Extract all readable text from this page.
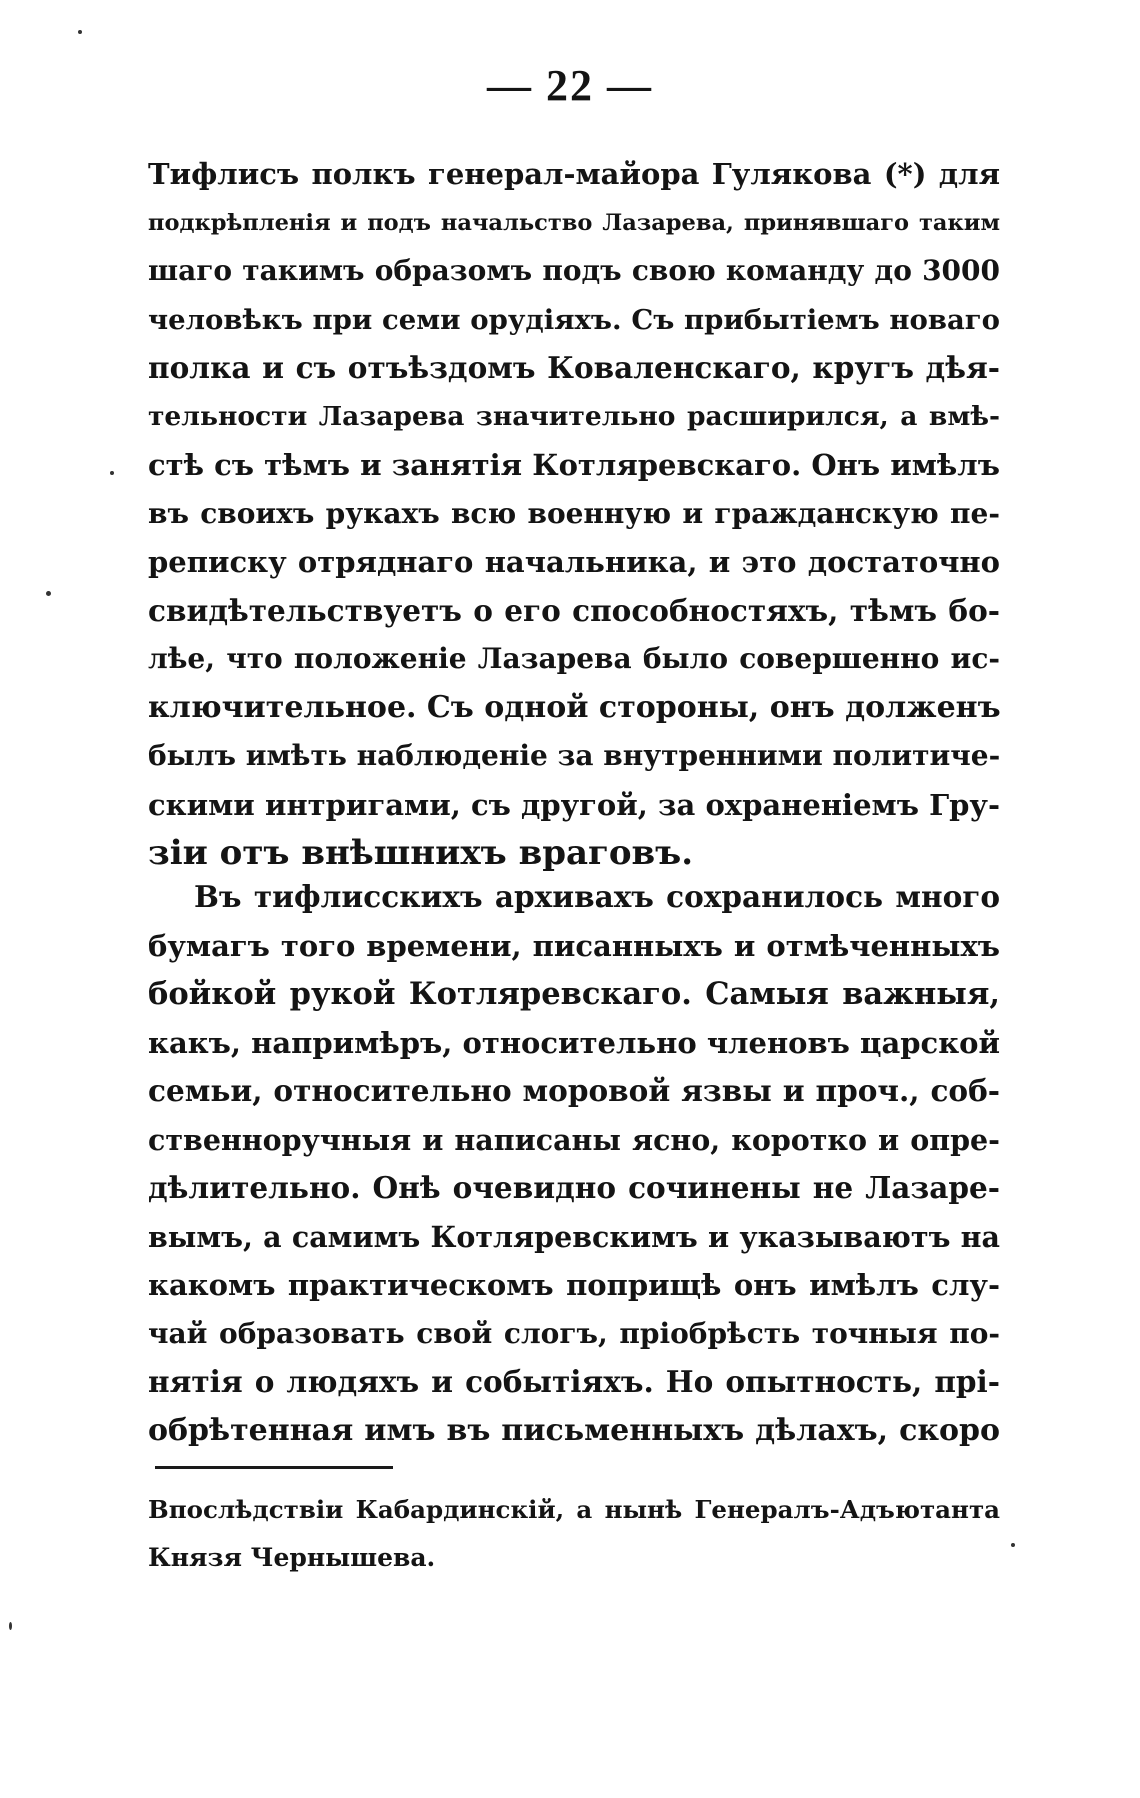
— 22 —
Тифлисъ полкъ генерал-майора Гулякова (*) для
подкрѣпленія и подъ начальство Лазарева, принявшаго таким
шаго такимъ образомъ подъ свою команду до 3000
человѣкъ при семи орудіяхъ. Съ прибытіемъ новаго
полка и съ отъѣздомъ Коваленскаго, кругъ дѣя-
тельности Лазарева значительно расширился, а вмѣ-
стѣ съ тѣмъ и занятія Котляревскаго. Онъ имѣлъ
въ своихъ рукахъ всю военную и гражданскую пе-
реписку отряднаго начальника, и это достаточно
свидѣтельствуетъ о его способностяхъ, тѣмъ бо-
лѣе, что положеніе Лазарева было совершенно ис-
ключительное. Съ одной стороны, онъ долженъ
былъ имѣть наблюденіе за внутренними политиче-
скими интригами, съ другой, за охраненіемъ Гру-
зіи отъ внѣшнихъ враговъ.
Въ тифлисскихъ архивахъ сохранилось много
бумагъ того времени, писанныхъ и отмѣченныхъ
бойкой рукой Котляревскаго. Самыя важныя,
какъ, напримѣръ, относительно членовъ царской
семьи, относительно моровой язвы и проч., соб-
ственноручныя и написаны ясно, коротко и опре-
дѣлительно. Онѣ очевидно сочинены не Лазаре-
вымъ, а самимъ Котляревскимъ и указываютъ на
какомъ практическомъ поприщѣ онъ имѣлъ слу-
чай образовать свой слогъ, пріобрѣсть точныя по-
нятія о людяхъ и событіяхъ. Но опытность, прі-
обрѣтенная имъ въ письменныхъ дѣлахъ, скоро
Впослѣдствіи Кабардинскій, а нынѣ Генералъ-Адъютанта
Князя Чернышева.
